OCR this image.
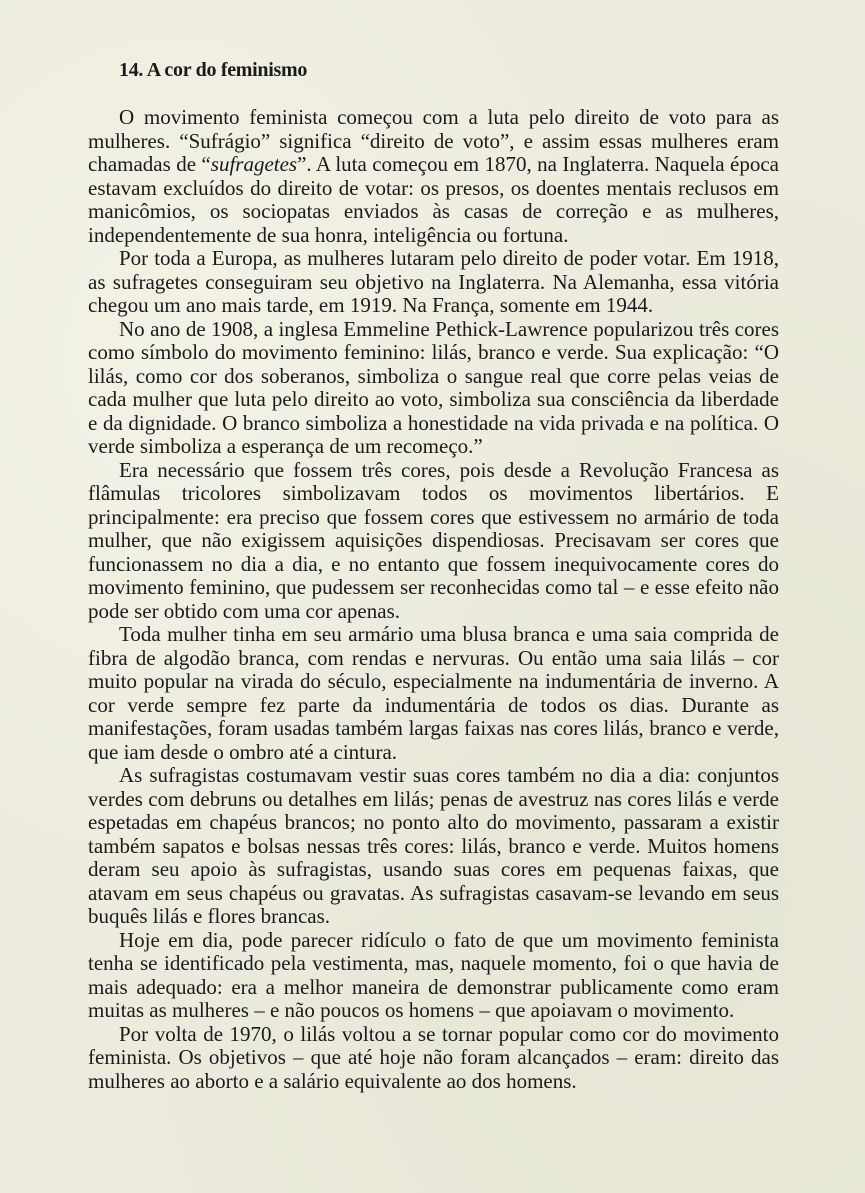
14. A cor do feminismo

O movimento feminista começou com a luta pelo direito de voto para as mulheres. “Sufrágio” significa “direito de voto”, e assim essas mulheres eram chamadas de “sufragetes”. A luta começou em 1870, na Inglaterra. Naquela época estavam excluídos do direito de votar: os presos, os doentes mentais reclusos em manicômios, os sociopatas enviados às casas de correção e as mulheres, independentemente de sua honra, inteligência ou fortuna.

Por toda a Europa, as mulheres lutaram pelo direito de poder votar. Em 1918, as sufragetes conseguiram seu objetivo na Inglaterra. Na Alemanha, essa vitória chegou um ano mais tarde, em 1919. Na França, somente em 1944.

No ano de 1908, a inglesa Emmeline Pethick-Lawrence popularizou três cores como símbolo do movimento feminino: lilás, branco e verde. Sua explicação: “O lilás, como cor dos soberanos, simboliza o sangue real que corre pelas veias de cada mulher que luta pelo direito ao voto, simboliza sua consciência da liberdade e da dignidade. O branco simboliza a honestidade na vida privada e na política. O verde simboliza a esperança de um recomeço.”

Era necessário que fossem três cores, pois desde a Revolução Francesa as flâmulas tricolores simbolizavam todos os movimentos libertários. E principalmente: era preciso que fossem cores que estivessem no armário de toda mulher, que não exigissem aquisições dispendiosas. Precisavam ser cores que funcionassem no dia a dia, e no entanto que fossem inequivocamente cores do movimento feminino, que pudessem ser reconhecidas como tal – e esse efeito não pode ser obtido com uma cor apenas.

Toda mulher tinha em seu armário uma blusa branca e uma saia comprida de fibra de algodão branca, com rendas e nervuras. Ou então uma saia lilás – cor muito popular na virada do século, especialmente na indumentária de inverno. A cor verde sempre fez parte da indumentária de todos os dias. Durante as manifestações, foram usadas também largas faixas nas cores lilás, branco e verde, que iam desde o ombro até a cintura.

As sufragistas costumavam vestir suas cores também no dia a dia: conjuntos verdes com debruns ou detalhes em lilás; penas de avestruz nas cores lilás e verde espetadas em chapéus brancos; no ponto alto do movimento, passaram a existir também sapatos e bolsas nessas três cores: lilás, branco e verde. Muitos homens deram seu apoio às sufragistas, usando suas cores em pequenas faixas, que atavam em seus chapéus ou gravatas. As sufragistas casavam-se levando em seus buquês lilás e flores brancas.

Hoje em dia, pode parecer ridículo o fato de que um movimento feminista tenha se identificado pela vestimenta, mas, naquele momento, foi o que havia de mais adequado: era a melhor maneira de demonstrar publicamente como eram muitas as mulheres – e não poucos os homens – que apoiavam o movimento.

Por volta de 1970, o lilás voltou a se tornar popular como cor do movimento feminista. Os objetivos – que até hoje não foram alcançados – eram: direito das mulheres ao aborto e a salário equivalente ao dos homens.
